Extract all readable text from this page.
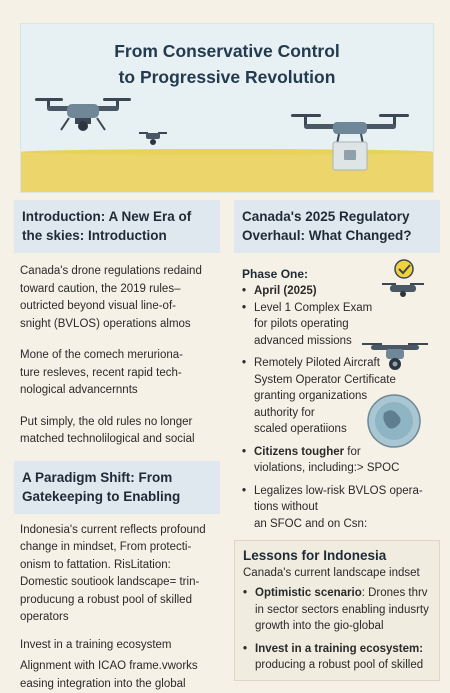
From Conservative Control
to Progressive Revolution
Introduction: A New Era of the skies: Introduction

Canada's drone regulations redaind
toward caution, the 2019 rules–
outricted beyond visual line-of-
snight (BVLOS) operations almos

Mone of the comech meruriona-
ture resleves, recent rapid tech-
nological advancernnts

Put simply, the old rules no longer
matched technolilogical and social

A Paradigm Shift: From Gatekeeping to Enabling

Indonesia's current reflects profound
change in mindset, From protecti-
onism to fattation. RisLitation:
Domestic soutiook landscape= trin-
producung a robust pool of skilled
operators

Invest in a training ecosystem

Alignment with ICAO frame.vworks
easing integration into the global

Canada's 2025 Regulatory Overhaul: What Changed?
Phase One:

• April (2025)

• Level 1 Complex Exam
for pilots operating
advanced missions

• Remotely Piloted Aircraft
System Operator Certificate
granting organizations
authority for
scaled operatiions

• Citizens tougher for
violations, including:> SPOC

• Legalizes low-risk BVLOS opera-
tions without
an SFOC and on Csn:

Lessons for Indonesia
Canada's current landscape indset

• Optimistic scenario: Drones thrv
in sector sectors enabling indusrty
growth into the gio-global

• Invest in a training ecosystem:
producing a robust pool of skilled
